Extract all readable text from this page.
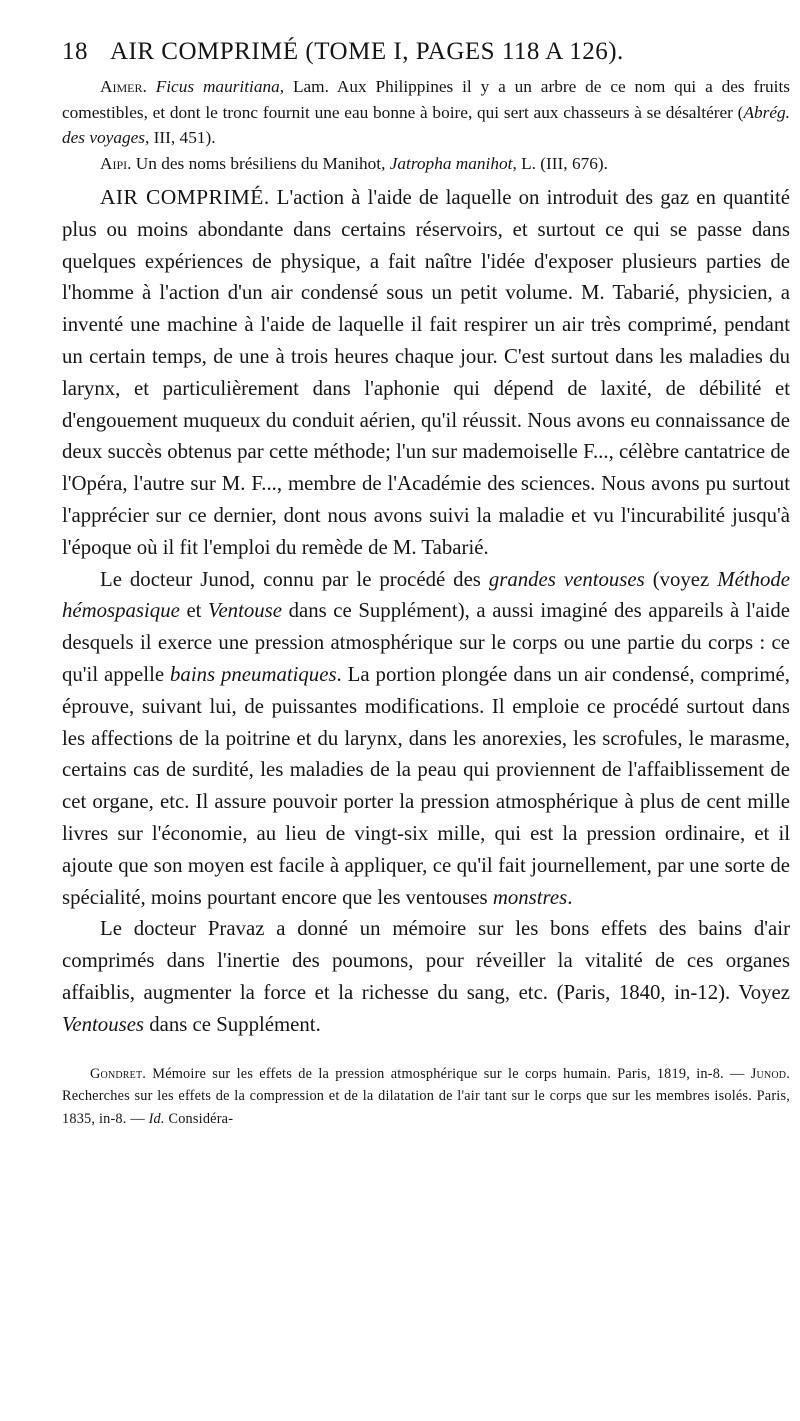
18 AIR COMPRIMÉ (TOME I, PAGES 118 A 126).

Aimer. Ficus mauritiana, Lam. Aux Philippines il y a un arbre de ce nom qui a des fruits comestibles, et dont le tronc fournit une eau bonne à boire, qui sert aux chasseurs à se désaltérer (Abrég. des voyages, III, 451).

Aipi. Un des noms brésiliens du Manihot, Jatropha manihot, L. (III, 676).

AIR COMPRIMÉ. L'action à l'aide de laquelle on introduit des gaz en quantité plus ou moins abondante dans certains réservoirs, et surtout ce qui se passe dans quelques expériences de physique, a fait naître l'idée d'exposer plusieurs parties de l'homme à l'action d'un air condensé sous un petit volume. M. Tabarié, physicien, a inventé une machine à l'aide de laquelle il fait respirer un air très comprimé, pendant un certain temps, de une à trois heures chaque jour. C'est surtout dans les maladies du larynx, et particulièrement dans l'aphonie qui dépend de laxité, de débilité et d'engouement muqueux du conduit aérien, qu'il réussit. Nous avons eu connaissance de deux succès obtenus par cette méthode; l'un sur mademoiselle F..., célèbre cantatrice de l'Opéra, l'autre sur M. F..., membre de l'Académie des sciences. Nous avons pu surtout l'apprécier sur ce dernier, dont nous avons suivi la maladie et vu l'incurabilité jusqu'à l'époque où il fit l'emploi du remède de M. Tabarié.

Le docteur Junod, connu par le procédé des grandes ventouses (voyez Méthode hémospasique et Ventouse dans ce Supplément), a aussi imaginé des appareils à l'aide desquels il exerce une pression atmosphérique sur le corps ou une partie du corps : ce qu'il appelle bains pneumatiques. La portion plongée dans un air condensé, comprimé, éprouve, suivant lui, de puissantes modifications. Il emploie ce procédé surtout dans les affections de la poitrine et du larynx, dans les anorexies, les scrofules, le marasme, certains cas de surdité, les maladies de la peau qui proviennent de l'affaiblissement de cet organe, etc. Il assure pouvoir porter la pression atmosphérique à plus de cent mille livres sur l'économie, au lieu de vingt-six mille, qui est la pression ordinaire, et il ajoute que son moyen est facile à appliquer, ce qu'il fait journellement, par une sorte de spécialité, moins pourtant encore que les ventouses monstres.

Le docteur Pravaz a donné un mémoire sur les bons effets des bains d'air comprimés dans l'inertie des poumons, pour réveiller la vitalité de ces organes affaiblis, augmenter la force et la richesse du sang, etc. (Paris, 1840, in-12). Voyez Ventouses dans ce Supplément.

Gondret. Mémoire sur les effets de la pression atmosphérique sur le corps humain. Paris, 1819, in-8. — Junod. Recherches sur les effets de la compression et de la dilatation de l'air tant sur le corps que sur les membres isolés. Paris, 1835, in-8. — Id. Considéra-
